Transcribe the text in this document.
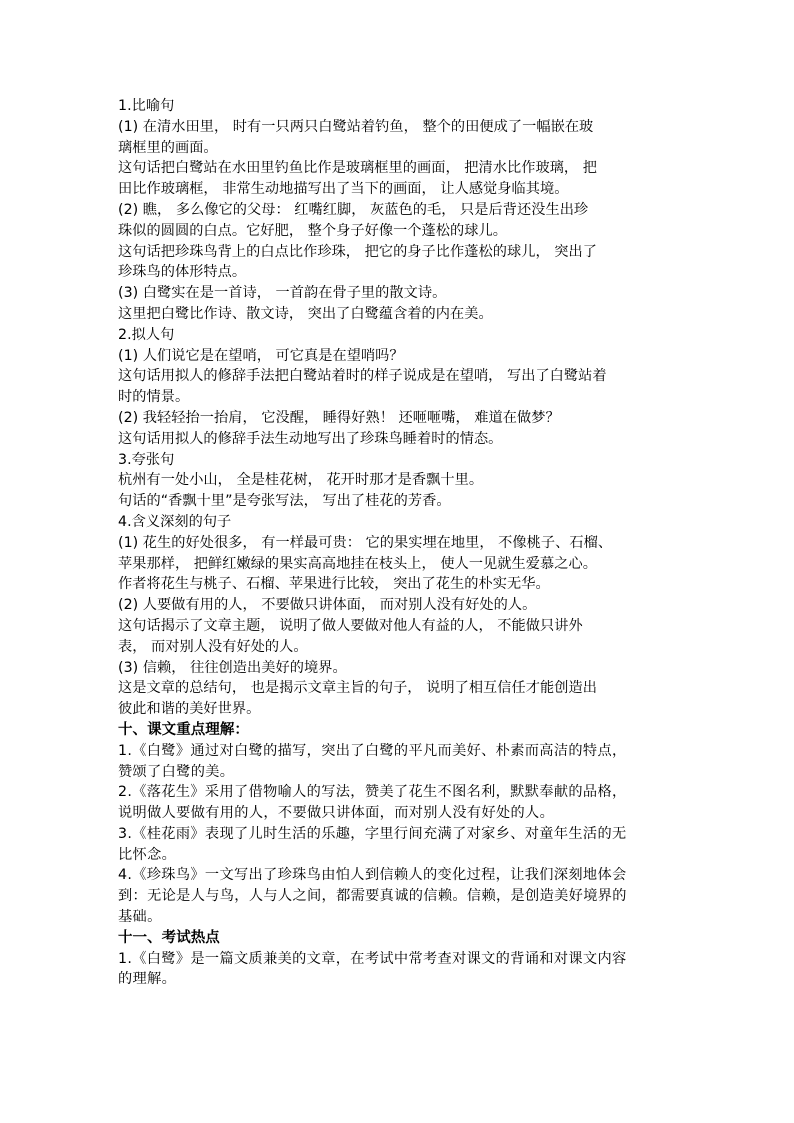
1.比喻句
(1) 在清水田里， 时有一只两只白鹭站着钓鱼， 整个的田便成了一幅嵌在玻
璃框里的画面。
这句话把白鹭站在水田里钓鱼比作是玻璃框里的画面， 把清水比作玻璃， 把
田比作玻璃框， 非常生动地描写出了当下的画面， 让人感觉身临其境。
(2) 瞧， 多么像它的父母： 红嘴红脚， 灰蓝色的毛， 只是后背还没生出珍
珠似的圆圆的白点。它好肥， 整个身子好像一个蓬松的球儿。
这句话把珍珠鸟背上的白点比作珍珠， 把它的身子比作蓬松的球儿， 突出了
珍珠鸟的体形特点。
(3) 白鹭实在是一首诗， 一首韵在骨子里的散文诗。
这里把白鹭比作诗、散文诗， 突出了白鹭蕴含着的内在美。
2.拟人句
(1) 人们说它是在望哨， 可它真是在望哨吗？
这句话用拟人的修辞手法把白鹭站着时的样子说成是在望哨， 写出了白鹭站着
时的情景。
(2) 我轻轻抬一抬肩， 它没醒， 睡得好熟！ 还咂咂嘴， 难道在做梦？
这句话用拟人的修辞手法生动地写出了珍珠鸟睡着时的情态。
3.夸张句
杭州有一处小山， 全是桂花树， 花开时那才是香飘十里。
句话的“香飘十里”是夸张写法， 写出了桂花的芳香。
4.含义深刻的句子
(1) 花生的好处很多， 有一样最可贵： 它的果实埋在地里， 不像桃子、石榴、
苹果那样， 把鲜红嫩绿的果实高高地挂在枝头上， 使人一见就生爱慕之心。
作者将花生与桃子、石榴、苹果进行比较， 突出了花生的朴实无华。
(2) 人要做有用的人， 不要做只讲体面， 而对别人没有好处的人。
这句话揭示了文章主题， 说明了做人要做对他人有益的人， 不能做只讲外
表， 而对别人没有好处的人。
(3) 信赖， 往往创造出美好的境界。
这是文章的总结句， 也是揭示文章主旨的句子， 说明了相互信任才能创造出
彼此和谐的美好世界。
十、课文重点理解：
1.《白鹭》通过对白鹭的描写，突出了白鹭的平凡而美好、朴素而高洁的特点，
赞颂了白鹭的美。
2.《落花生》采用了借物喻人的写法，赞美了花生不图名利，默默奉献的品格，
说明做人要做有用的人，不要做只讲体面，而对别人没有好处的人。
3.《桂花雨》表现了儿时生活的乐趣，字里行间充满了对家乡、对童年生活的无
比怀念。
4.《珍珠鸟》一文写出了珍珠鸟由怕人到信赖人的变化过程，让我们深刻地体会
到：无论是人与鸟，人与人之间，都需要真诚的信赖。信赖，是创造美好境界的
基础。
十一、考试热点
1.《白鹭》是一篇文质兼美的文章，在考试中常考查对课文的背诵和对课文内容
的理解。
